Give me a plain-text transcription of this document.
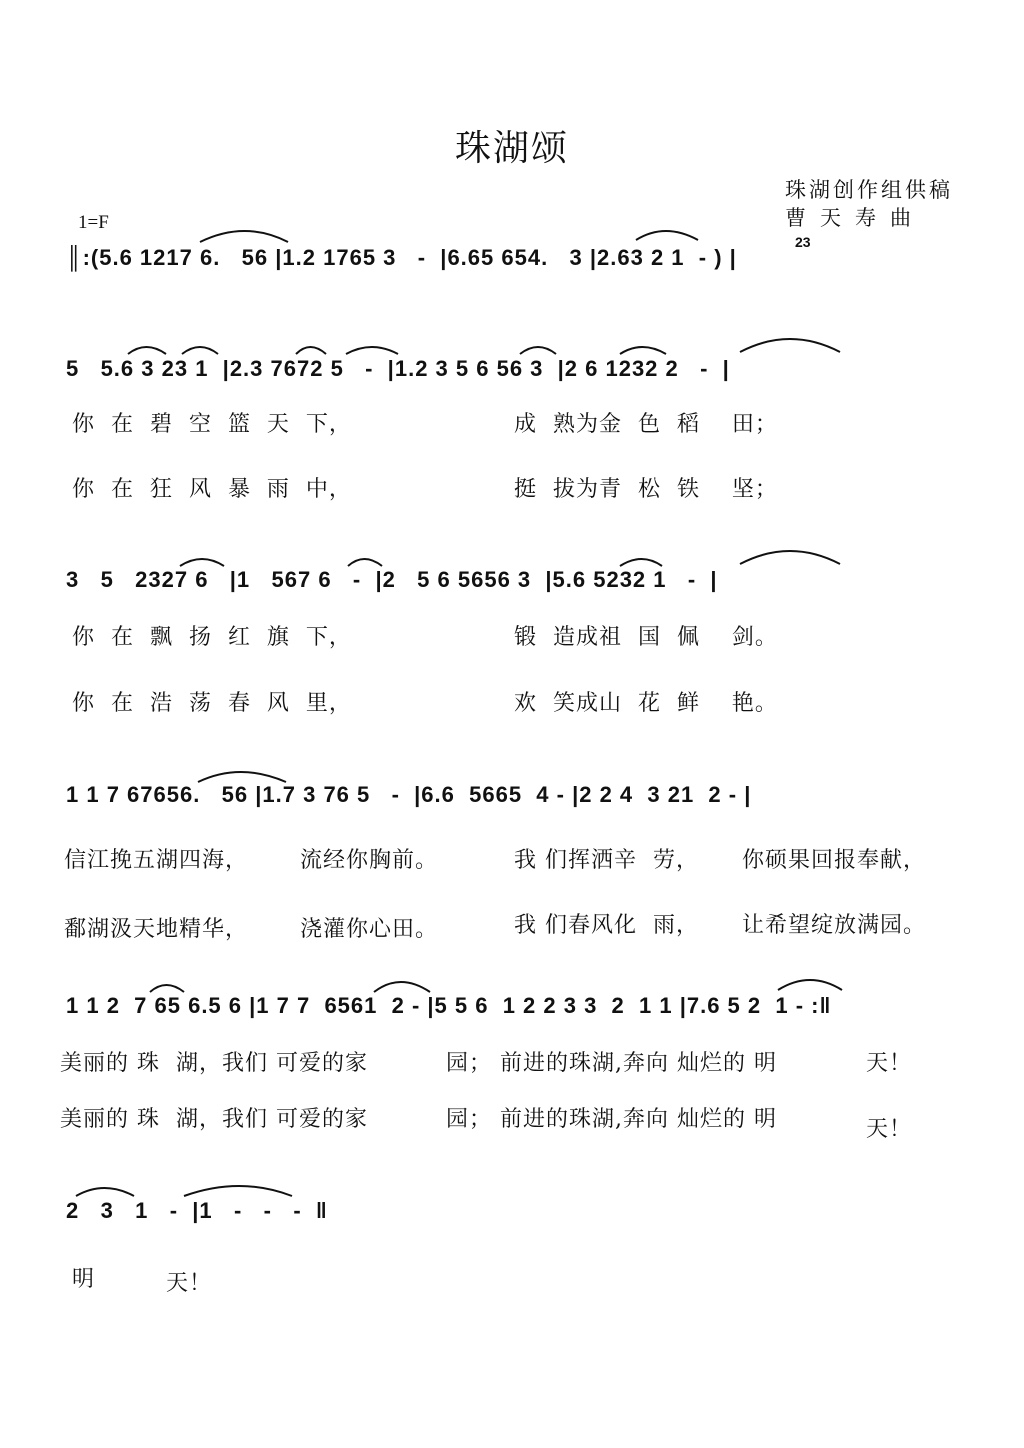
珠湖颂
珠湖创作组供稿
曹天寿曲
1=F
║:(5.6 1217 6.   56 |1.2 1765 3   -  |6.65 654.   3 |2.63 2 1  - ) |
23
5   5.6 3 23 1  |2.3 7672 5   -  |1.2 3 5 6 56 3  |2 6 1232 2   -  |
你  在  碧  空  篮  天  下，	成  熟为金  色  稻    田；
你  在  狂  风  暴  雨  中，	挺  拔为青  松  铁    坚；
3   5   2327 6   |1   567 6   -  |2   5 6 5656 3  |5.6 5232 1   -  |
你  在  飘  扬  红  旗  下，	锻  造成祖  国  佩    剑。
你  在  浩  荡  春  风  里，	欢  笑成山  花  鲜    艳。
1 1 7 67656.   56 |1.7 3 76 5   -  |6.6  5665  4 - |2 2 4  3 21  2 - |
信江挽五湖四海， 流经你胸前。	我 们挥洒辛  劳， 你硕果回报奉献，
鄱湖汲天地精华， 浇灌你心田。	我 们春风化  雨， 让希望绽放满园。
1 1 2  7 65 6.5 6 |1 7 7  6561  2 - |5 5 6  1 2 2 3 3  2  1 1 |7.6 5 2  1 - :‖
美丽的 珠  湖，我们 可爱的家	园； 前进的珠湖,奔向 灿烂的 明	天！
美丽的 珠  湖，我们 可爱的家	园； 前进的珠湖,奔向 灿烂的 明	天！
2   3   1   -  |1   -   -   -  ‖
明	天！
